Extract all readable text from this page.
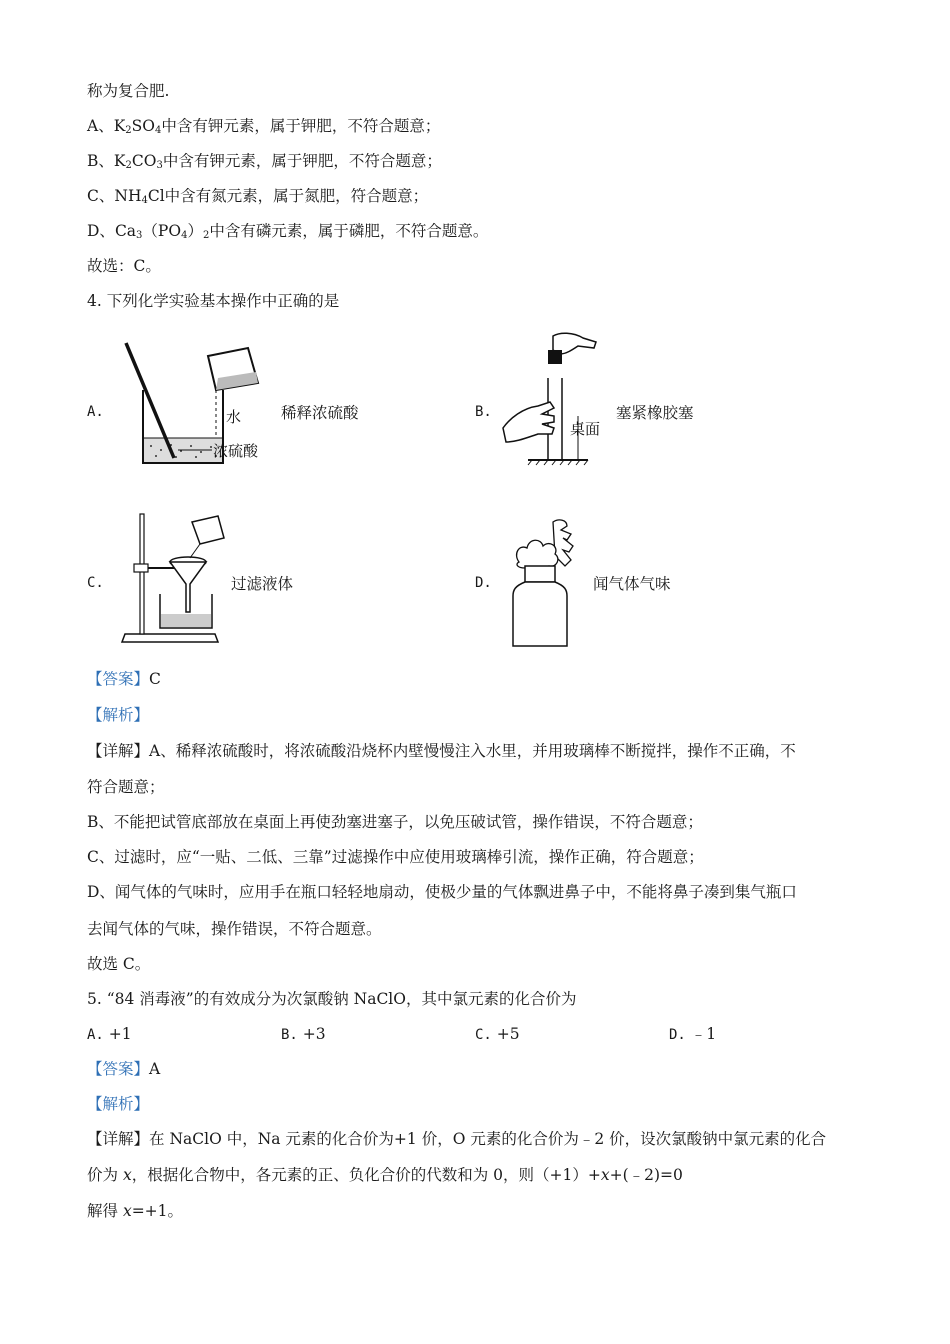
称为复合肥.
A、$K_2SO_4$中含有钾元素，属于钾肥，不符合题意；
B、$K_2CO_3$中含有钾元素，属于钾肥，不符合题意；
C、$NH_4Cl$中含有氮元素，属于氮肥，符合题意；
D、$Ca_3(PO_4)_2$中含有磷元素，属于磷肥，不符合题意。
故选：C。
4. 下列化学实验基本操作中正确的是
A.	水
浓硫酸
稀释浓硫酸	B.
桌面
塞紧橡胶塞
C.	过滤液体	D.	闻气体气味
【答案】C
【解析】
【详解】A、稀释浓硫酸时，将浓硫酸沿烧杯内壁慢慢注入水里，并用玻璃棒不断搅拌，操作不正确，不
符合题意；
B、不能把试管底部放在桌面上再使劲塞进塞子，以免压破试管，操作错误，不符合题意；
C、过滤时，应“一贴、二低、三靠”过滤操作中应使用玻璃棒引流，操作正确，符合题意；
D、闻气体的气味时，应用手在瓶口轻轻地扇动，使极少量的气体飘进鼻子中，不能将鼻子凑到集气瓶口
去闻气体的气味，操作错误，不符合题意。
故选 C。
5. “84 消毒液”的有效成分为次氯酸钠 NaClO，其中氯元素的化合价为
A. +1	B. +3	C. +5	D. ﹣1
【答案】A
【解析】
【详解】在 NaClO 中，Na 元素的化合价为+1 价，O 元素的化合价为﹣2 价，设次氯酸钠中氯元素的化合
价为 x，根据化合物中，各元素的正、负化合价的代数和为 0，则（+1）+x+(﹣2)=0
解得 x=+1。
